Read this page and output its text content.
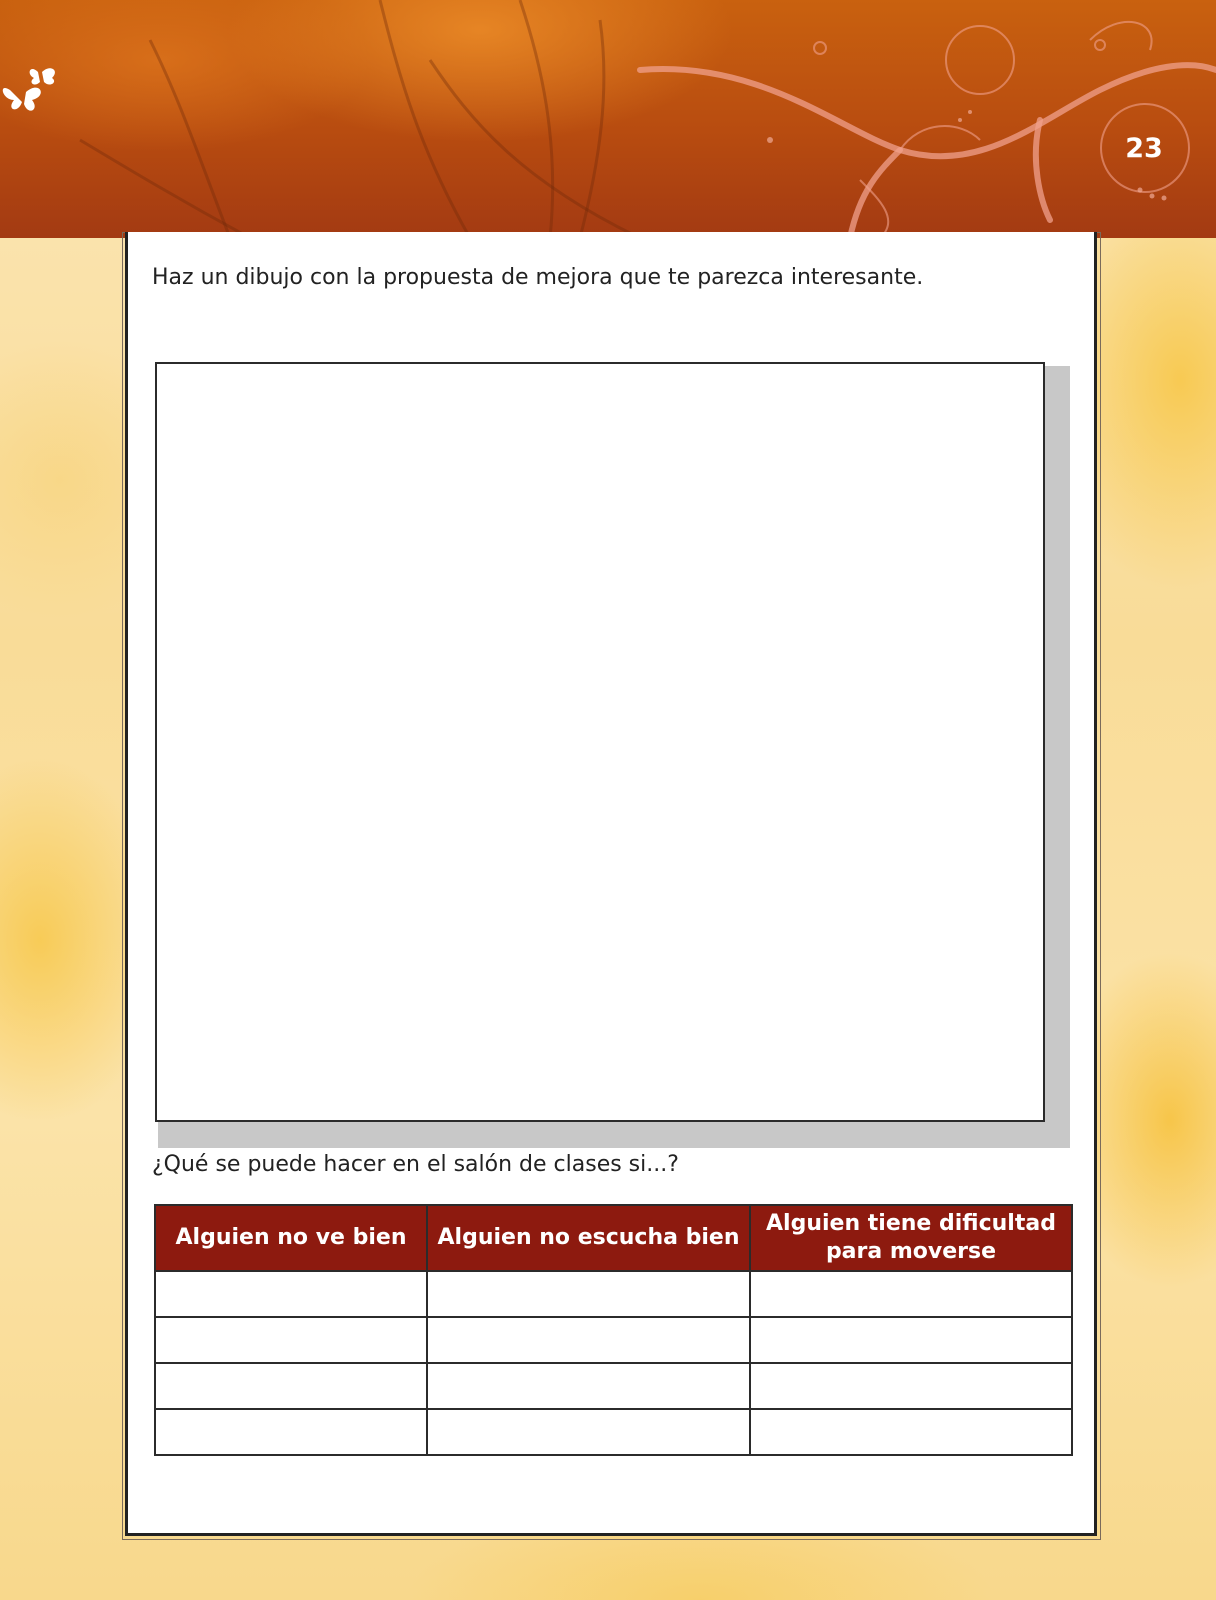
23
Haz un dibujo con la propuesta de mejora que te parezca interesante.
¿Qué se puede hacer en el salón de clases si...?
Alguien no ve bien	Alguien no escucha bien	Alguien tiene dificultad para moverse
